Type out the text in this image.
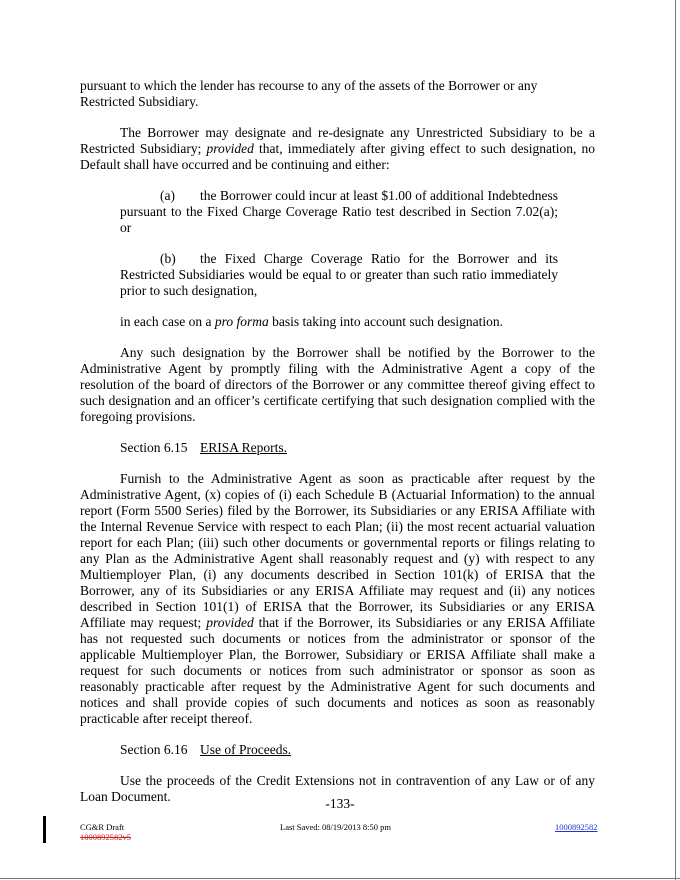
pursuant to which the lender has recourse to any of the assets of the Borrower or any Restricted Subsidiary.

The Borrower may designate and re-designate any Unrestricted Subsidiary to be a Restricted Subsidiary; provided that, immediately after giving effect to such designation, no Default shall have occurred and be continuing and either:

(a) the Borrower could incur at least $1.00 of additional Indebtedness pursuant to the Fixed Charge Coverage Ratio test described in Section 7.02(a); or

(b) the Fixed Charge Coverage Ratio for the Borrower and its Restricted Subsidiaries would be equal to or greater than such ratio immediately prior to such designation,

in each case on a pro forma basis taking into account such designation.

Any such designation by the Borrower shall be notified by the Borrower to the Administrative Agent by promptly filing with the Administrative Agent a copy of the resolution of the board of directors of the Borrower or any committee thereof giving effect to such designation and an officer’s certificate certifying that such designation complied with the foregoing provisions.

Section 6.15 ERISA Reports.

Furnish to the Administrative Agent as soon as practicable after request by the Administrative Agent, (x) copies of (i) each Schedule B (Actuarial Information) to the annual report (Form 5500 Series) filed by the Borrower, its Subsidiaries or any ERISA Affiliate with the Internal Revenue Service with respect to each Plan; (ii) the most recent actuarial valuation report for each Plan; (iii) such other documents or governmental reports or filings relating to any Plan as the Administrative Agent shall reasonably request and (y) with respect to any Multiemployer Plan, (i) any documents described in Section 101(k) of ERISA that the Borrower, any of its Subsidiaries or any ERISA Affiliate may request and (ii) any notices described in Section 101(1) of ERISA that the Borrower, its Subsidiaries or any ERISA Affiliate may request; provided that if the Borrower, its Subsidiaries or any ERISA Affiliate has not requested such documents or notices from the administrator or sponsor of the applicable Multiemployer Plan, the Borrower, Subsidiary or ERISA Affiliate shall make a request for such documents or notices from such administrator or sponsor as soon as reasonably practicable after request by the Administrative Agent for such documents and notices and shall provide copies of such documents and notices as soon as reasonably practicable after receipt thereof.

Section 6.16 Use of Proceeds.

Use the proceeds of the Credit Extensions not in contravention of any Law or of any Loan Document.	-133-
CG&R Draft
1000892582v5
Last Saved: 08/19/2013 8:50 pm	1000892582
